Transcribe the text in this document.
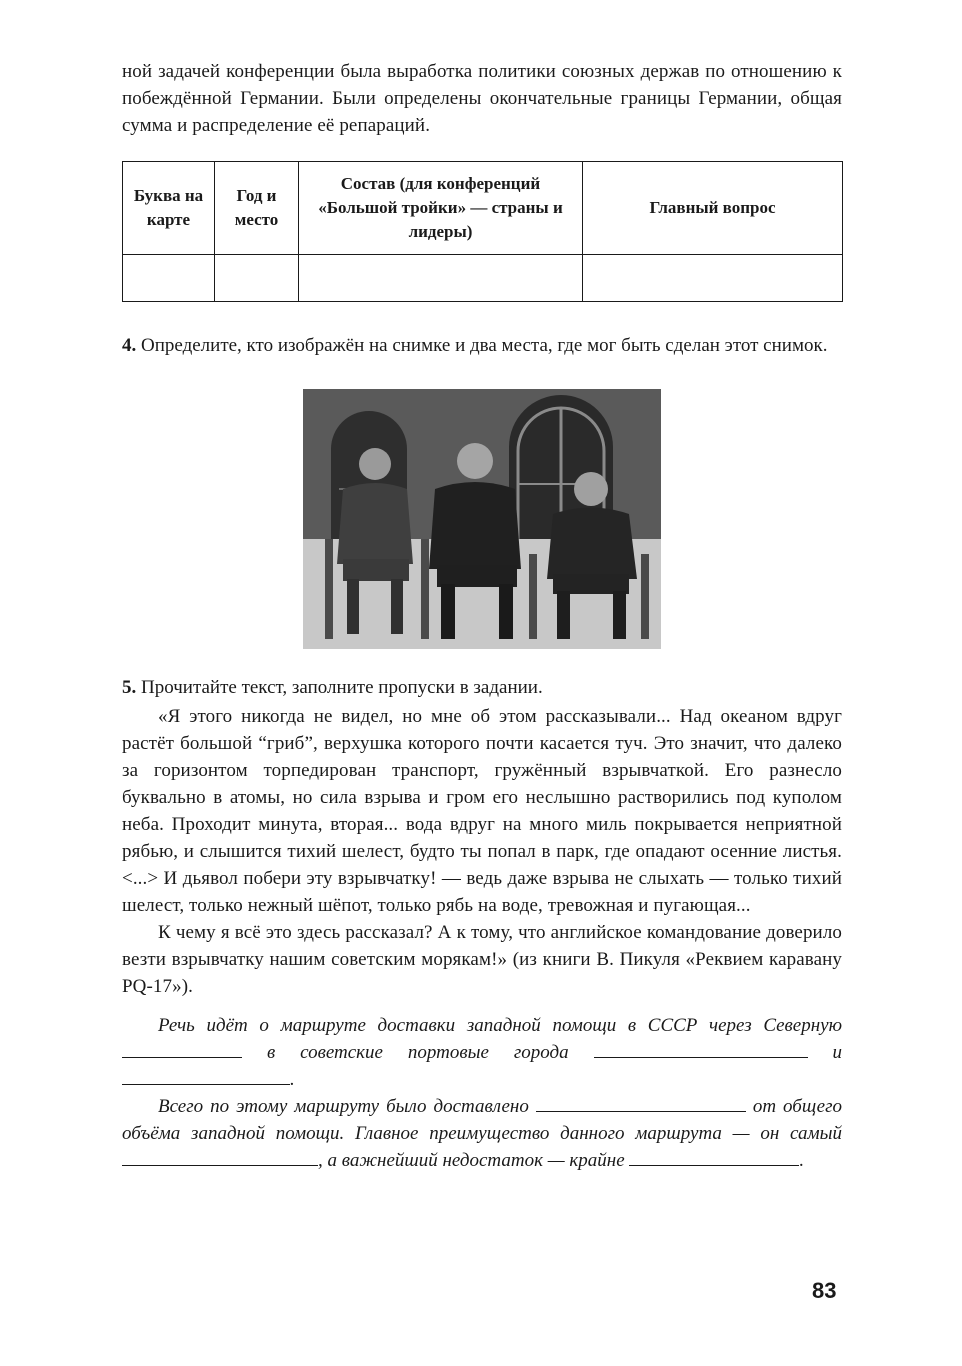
ной задачей конференции была выработка политики союзных держав по отношению к побеждённой Германии. Были определены окончательные границы Германии, общая сумма и распределение её репараций.

Буква на карте	Год и место	Состав (для конференций «Большой тройки» — страны и лидеры)	Главный вопрос

4. Определите, кто изображён на снимке и два места, где мог быть сделан этот снимок.

5. Прочитайте текст, заполните пропуски в задании.

«Я этого никогда не видел, но мне об этом рассказывали... Над океаном вдруг растёт большой “гриб”, верхушка которого почти касается туч. Это значит, что далеко за горизонтом торпедирован транспорт, гружённый взрывчаткой. Его разнесло буквально в атомы, но сила взрыва и гром его неслышно растворились под куполом неба. Проходит минута, вторая... вода вдруг на много миль покрывается неприятной рябью, и слышится тихий шелест, будто ты попал в парк, где опадают осенние листья. <...> И дьявол побери эту взрывчатку! — ведь даже взрыва не слыхать — только тихий шелест, только нежный шёпот, только рябь на воде, тревожная и пугающая...

К чему я всё это здесь рассказал? А к тому, что английское командование доверило везти взрывчатку нашим советским морякам!» (из книги В. Пикуля «Реквием каравану PQ-17»).

Речь идёт о маршруте доставки западной помощи в СССР через Северную  в советские портовые города	и .

Всего по этому маршруту было доставлено	от общего объёма западной помощи. Главное преимущество данного маршрута — он самый , а важнейший недостаток — крайне	.

83
